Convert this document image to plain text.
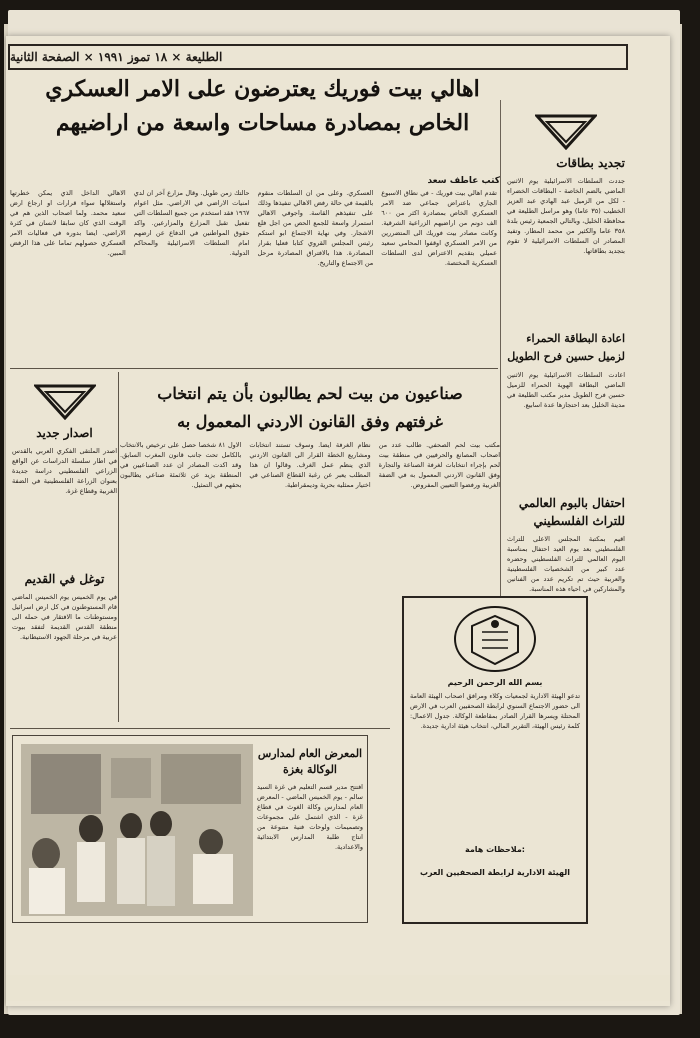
الطليعة × ١٨ تموز ١٩٩١ × الصفحة الثانية
اهالي بيت فوريك يعترضون على الامر العسكري
الخاص بمصادرة مساحات واسعة من اراضيهم
كتب عاطف سعد
تقدم اهالي بيت فوريك - في نطاق الاسبوع الجاري باعتراض جماعي ضد الامر العسكري الخاص بمصادرة اكثر من ٦٠٠ الف دونم من اراضيهم الزراعية الشرقية. وكانت مصادر بيت فوريك الى المتضررين من الامر العسكري اوقفوا المحامي سعيد عميلي بتقديم الاعتراض لدى السلطات العسكرية المختصة.
العسكري. وعلى من ان السلطات منقوم بالقيمة في حالة رفض الاهالي تنفيذها وذلك على تنفيذهم القاسة. واجوفي الاهالي استمرار واسعة للجمع الحص من اجل فلع الاشجار. وفي نهاية الاجتماع ابو استكم رئيس المجلس القروي كتابا فعليا بقرار المصادرة. هذا بالافتراق المصادرة مرحل من الاجتماع والتاريخ.
حالتك زمن طويل. وقال مزارع آخر ان لدي امنيات الاراضي في الاراضي. مثل اعوام ١٩٦٧ فقد استخدم من جميع السلطات التي تفعيل تقبل المزارع والمزارعين. واكد حقوق المواطنين في الدفاع عن ارضهم امام السلطات الاسرائيلية والمحاكم الدولية.
الاهالي الداخل الذي يمكن خطرتها واستغلالها سواء قرارات او ارجاع ارض سعيد محمد. ولما اصحاب الذين هم في الوقت الذي كان سابقا لانسان في كثرة الاراضي. ايضا بدوره في فعاليات الامر العسكري حصولهم تماما على هذا الرفض المبين.
تجديد بطاقات
جددت السلطات الاسرائيلية يوم الاثنين الماضي بالضم الخاصة - البطاقات الخضراء - لكل من الزميل عبد الهادي عبد العزيز الخطيب (٣٥ عاما) وهو مراسل الطليعة في محافظة الخليل، وبالتالي الجمعية رئيس بلدة ٣٥٨ عاما والكثير من محمد المطار. وتفيد المصادر ان السلطات الاسرائيلية لا تقوم بتجديد بطاقاتها.
اعادة البطاقة الحمراء لزميل حسين فرح الطويل
اعادت السلطات الاسرائيلية يوم الاثنين الماضي البطاقة الهوية الحمراء للزميل حسين فرح الطويل مدير مكتب الطليعة في مدينة الخليل بعد احتجازها عدة اسابيع.
احتفال بالبوم العالمي للتراث الفلسطيني
اقيم بمكتبة المجلس الاعلى للتراث الفلسطيني بعد يوم العيد احتفال بمناسبة اليوم العالمي للتراث الفلسطيني وحضره عدد كبير من الشخصيات الفلسطينية والعربية حيث تم تكريم عدد من الفنانين والمشاركين في احياء هذه المناسبة.
اصدار جديد
اصدر الملتقى الفكري العربي بالقدس في اطار سلسلة الدراسات عن الواقع الزراعي الفلسطيني دراسة جديدة بعنوان الزراعة الفلسطينية في الضفة الغربية وقطاع غزة.
توغل في القديم
في يوم الخميس يوم الخميس الماضي قام المستوطنون في كل ارض اسرائيل ومستوطنات ما الافتقار في حمله الى منطقة القدس القديمة لتفقد بيوت عربية في مرحلة الجهود الاستيطانية.
صناعيون من بيت لحم يطالبون بأن يتم انتخاب
غرفتهم وفق القانون الاردني المعمول به
مكتب بيت لحم الصحفي. طالب عدد من اصحاب المصانع والحرفيين في منطقة بيت لحم بإجراء انتخابات لغرفة الصناعة والتجارة وفق القانون الاردني المعمول به في الضفة الغربية ورفضوا التعيين المفروض.
نظام الغرفة ايضا. وسوف تستند انتخابات ومشاريع الخطة القرار الى القانون الاردني الذي ينظم عمل الغرف. وقالوا ان هذا المطلب يعبر عن رغبة القطاع الصناعي في اختيار ممثليه بحرية وديمقراطية.
الاول ٨١ شخصا حصل على ترخيص بالانتخاب بالكامل تحت جانب قانون المغرب السابق. وقد اكدت المصادر ان عدد الصناعيين في المنطقة يزيد عن ثلاثمئة صناعي يطالبون بحقهم في التمثيل.
بسم الله الرحمن الرحيم
تدعو الهيئة الادارية لجمعيات وكلاء ومرافق اصحاب الهيئة العامة الى حضور الاجتماع السنوي لرابطة الصحفيين العرب في الارض المحتلة ويسرها القرار الصادر بمقاطعة الوكالة. جدول الاعمال: كلمة رئيس الهيئة، التقرير المالي، انتخاب هيئة ادارية جديدة.
ملاحظات هامة:
الهيئة الادارية لرابطة الصحفيين العرب
المعرض العام لمدارس الوكالة بغزة
افتتح مدير قسم التعليم في غزة السيد سالم - يوم الخميس الماضي - المعرض العام لمدارس وكالة الغوث في قطاع غزة - الذي اشتمل على مجموعات وتصميمات ولوحات فنية متنوعة من انتاج طلبة المدارس الابتدائية والاعدادية.
